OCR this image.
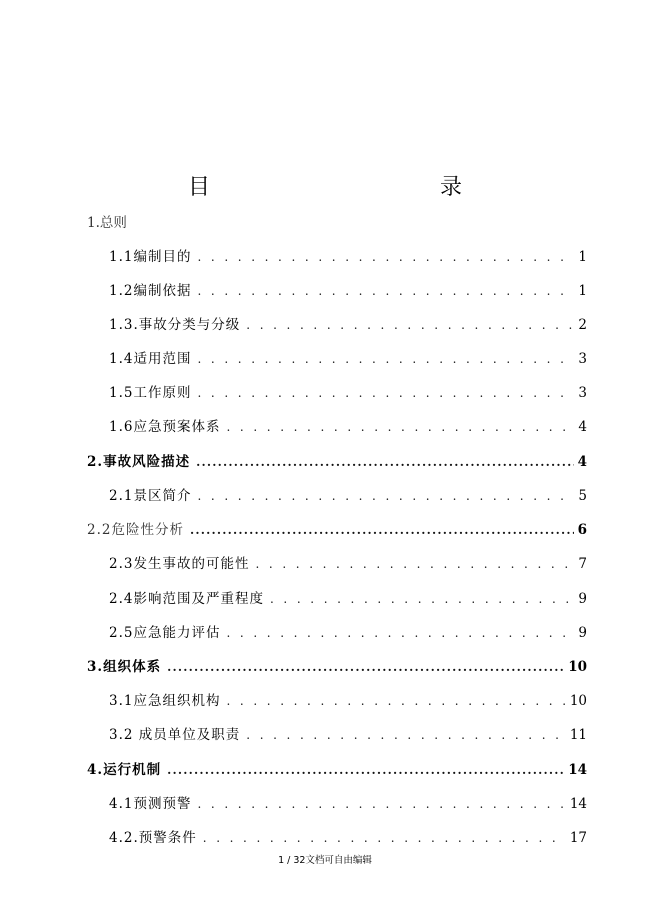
目　　录
1.总则
1.1编制目的 . . .	1
1.2编制依据 . . .	1
1.3.事故分类与分级 . . .	2
1.4适用范围 . . .	3
1.5工作原则 . . .	3
1.6应急预案体系 . . .	4
2.事故风险描述 .....	4
2.1景区简介 . . .	5
2.2危险性分析 .....	6
2.3发生事故的可能性 . . .	7
2.4影响范围及严重程度 . . .	9
2.5应急能力评估 . . .	9
3.组织体系 .....	10
3.1应急组织机构 . . .	10
3.2 成员单位及职责 . . .	11
4.运行机制 .....	14
4.1预测预警 . . .	14
4.2.预警条件 . . .	17
1 / 32文档可自由编辑
